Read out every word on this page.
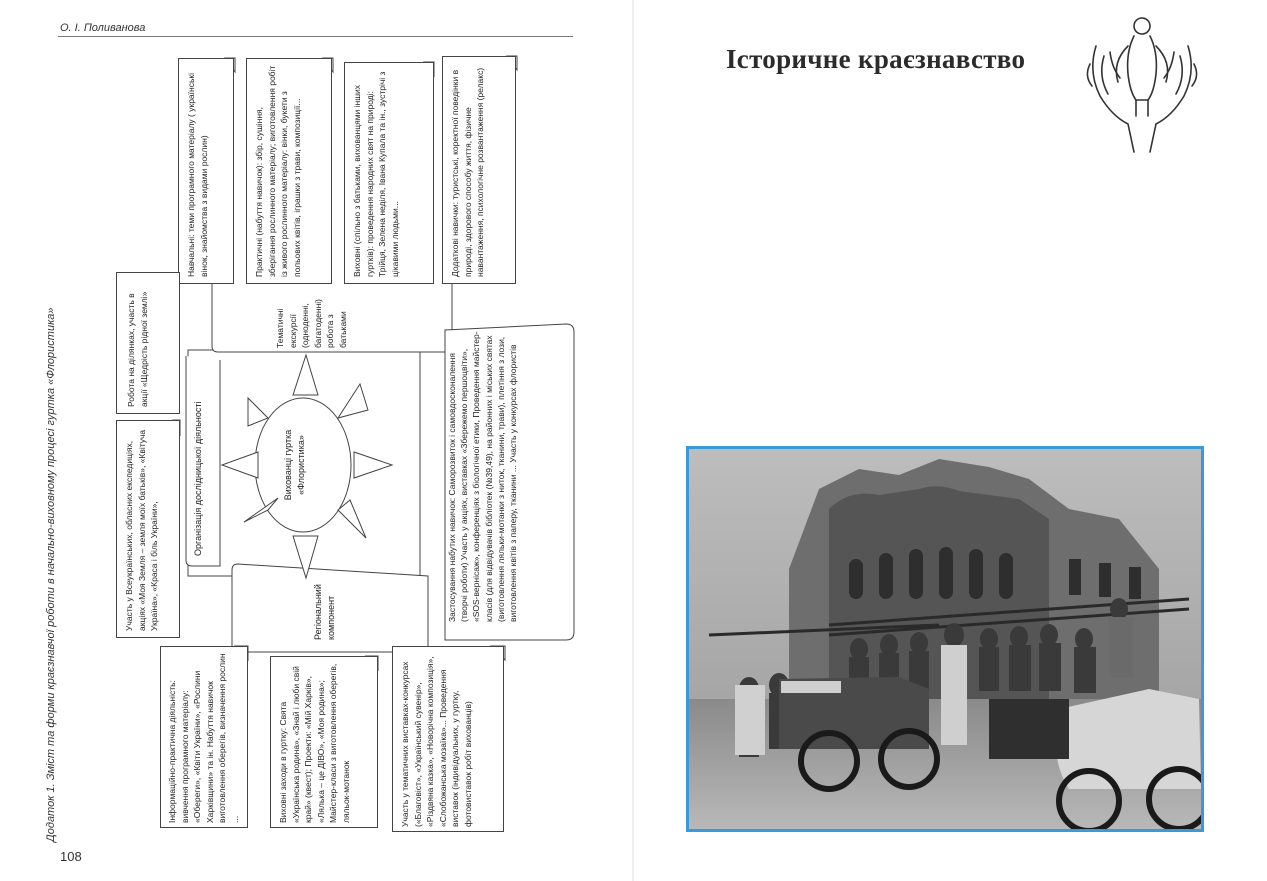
О. І. Поливанова
Додаток 1. Зміст та форми краєзнавчої роботи в начально-виховному процесі гуртка «Флористика»
108
Навчальні: теми програмного матеріалу ( українські вінок, знайомства з видами рослин)	Практичні (набуття навичок): збір, сушіння, зберігання рослинного матеріалу; виготовлення робіт із живого рослинного матеріалу: вінки, букети з польових квітів, іграшки з трави, композиції...	Виховні (спільно з батьками, вихованцями інших гуртків): проведення народних свят на природі: Трійця, Зелена неділя, Івана Купала та ін., зустрічі з цікавими людьми...	Додаткові навички: туристські, коректної поведінки в природі, здорового способу життя, фізичне навантаження, психологічне розвантаження (релакс)
Тематичні екскурсії (одноденні, багатоденні) робота з батьками
Робота на ділянках, участь в акції «Щедрість рідної землі»
Участь у Всеукраїнських, обласних експедиціях, акціях «Моя Земля – земля моїх батьків», «Квітуча Україна», «Краса і біль України»,
Організація дослідницької діяльності	Вихованці гуртка «Флористика»
Регіональний компонент	Застосування набутих навичок: Саморозвиток і самовдосконалення (творчі роботи) Участь у акціях, виставках «Збережемо першоцвіти», «SOS-вернісаж», конференціях з біологічної етики, Проведення майстер-класів (для відвідувачів бібліотек (№39,49), на районних і міських святах (виготовлення ляльки-мотанки з ниток, тканини, трави), плетіння з лози, виготовлення квітів з паперу, тканини ... Участь у конкурсах флористів
Інформаційно-практична діяльність: вивчення програмного матеріалу: «Обереги», «Квіти України», «Рослини Харківщини» та ін. Набуття навичок виготовлення оберегів, визначення рослин ...	Виховні заходи в гуртку: Свята «Українська родина», «Знай і люби свій край» (квест); Проекти: «Мій Харків», «Лялька – це ДІВО», «Моя родина»; Майстер-класи з виготовлення оберегів, ляльок-мотанок	Участь у тематичних виставках-конкурсах («Благовіст», «Український сувенір», «Різдвяна казка», «Новорічна композиція», «Слобожанська мозаїка»... Проведення виставок (індивідуальних, у гуртку, фотовиставок робіт вихованців)
Історичне краєзнавство
